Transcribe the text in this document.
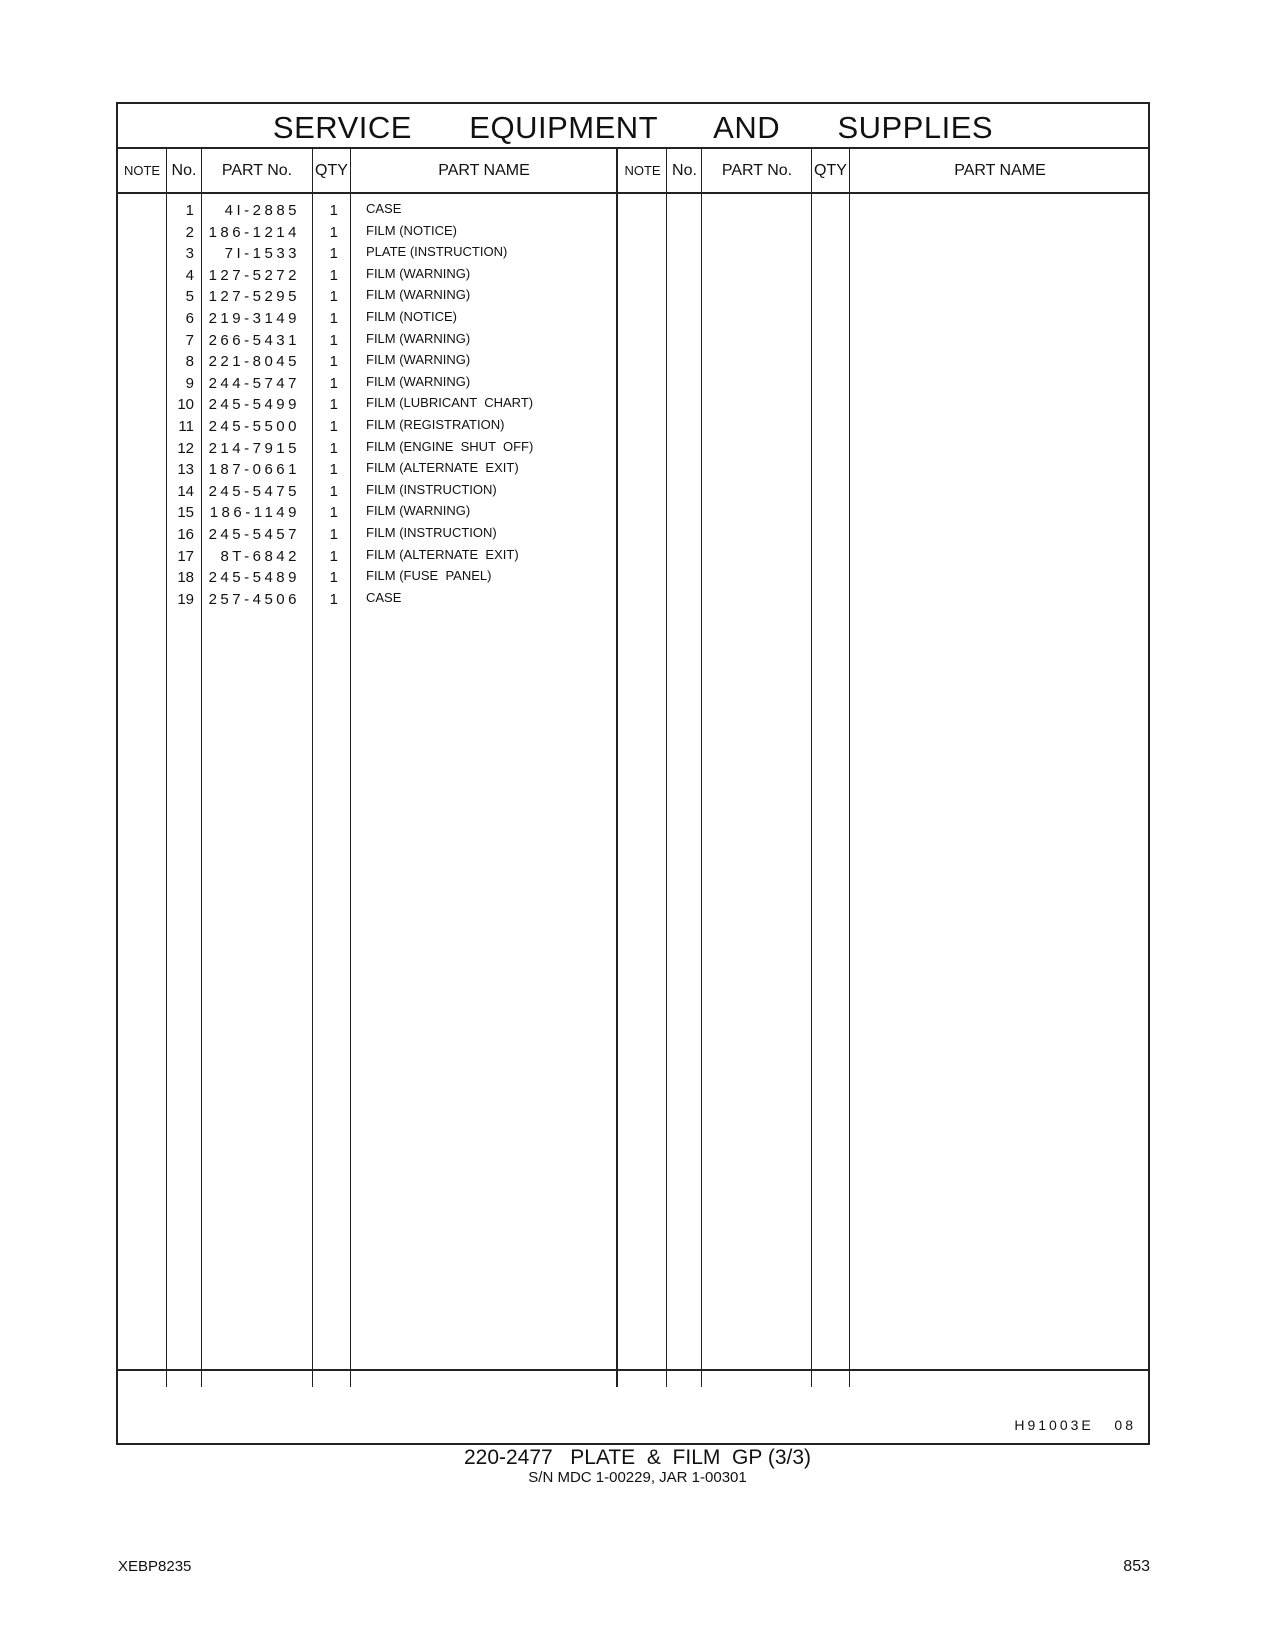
SERVICE   EQUIPMENT   AND   SUPPLIES
NOTE No.	PART No.	QTY	PART NAME	NOTE No.	PART No.	QTY	PART NAME
1	4I-2885	1 CASE
2 186-1214	1 FILM (NOTICE)
3	7I-1533	1 PLATE (INSTRUCTION)
4 127-5272	1 FILM (WARNING)
5 127-5295	1 FILM (WARNING)
6 219-3149	1 FILM (NOTICE)
7 266-5431	1 FILM (WARNING)
8 221-8045	1 FILM (WARNING)
9 244-5747	1 FILM (WARNING)
10 245-5499	1 FILM (LUBRICANT  CHART)
11 245-5500	1 FILM (REGISTRATION)
12 214-7915	1 FILM (ENGINE  SHUT  OFF)
13 187-0661	1 FILM (ALTERNATE  EXIT)
14 245-5475	1 FILM (INSTRUCTION)
15	186-1149	1 FILM (WARNING)
16 245-5457	1 FILM (INSTRUCTION)
17	8T-6842	1 FILM (ALTERNATE  EXIT)
18 245-5489	1 FILM (FUSE  PANEL)
19 257-4506	1 CASE
H91003E   08
220-2477   PLATE  &  FILM  GP (3/3)
S/N MDC 1-00229, JAR 1-00301
XEBP8235	853
